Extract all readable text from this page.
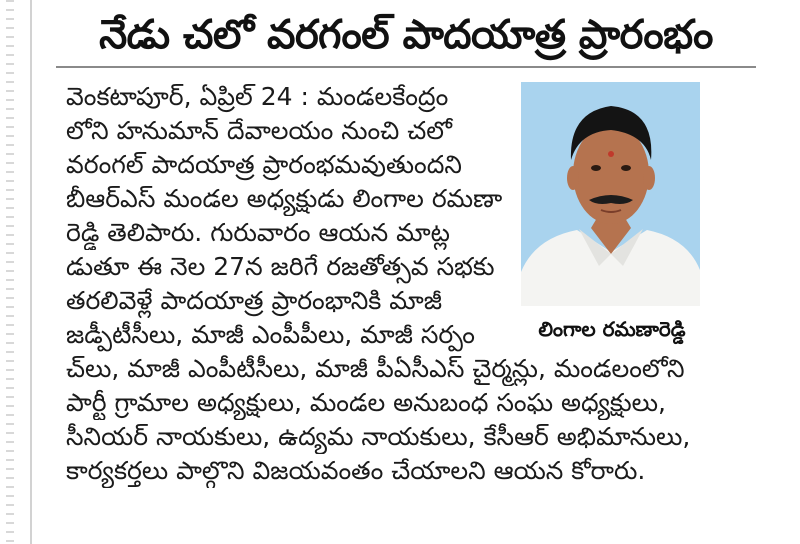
నేడు చలో వరగంల్ పాదయాత్ర ప్రారంభం

వెంకటాపూర్, ఏప్రిల్ 24 : మండలకేంద్రం

లోని హనుమాన్ దేవాలయం నుంచి చలో

వరంగల్ పాదయాత్ర ప్రారంభమవుతుందని

బీఆర్ఎస్ మండల అధ్యక్షుడు లింగాల రమణా

రెడ్డి తెలిపారు. గురువారం ఆయన మాట్ల

డుతూ ఈ నెల 27న జరిగే రజతోత్సవ సభకు

తరలివెళ్లే పాదయాత్ర ప్రారంభానికి మాజీ

జడ్పీటీసీలు, మాజీ ఎంపీపీలు, మాజీ సర్పం

చ్‌లు, మాజీ ఎంపీటీసీలు, మాజీ పీఏసీఎస్ చైర్మన్లు, మండలంలోని

పార్టీ గ్రామాల అధ్యక్షులు, మండల అనుబంధ సంఘ అధ్యక్షులు,

సీనియర్ నాయకులు, ఉద్యమ నాయకులు, కేసీఆర్ అభిమానులు,

కార్యకర్తలు పాల్గొని విజయవంతం చేయాలని ఆయన కోరారు.

లింగాల రమణారెడ్డి
